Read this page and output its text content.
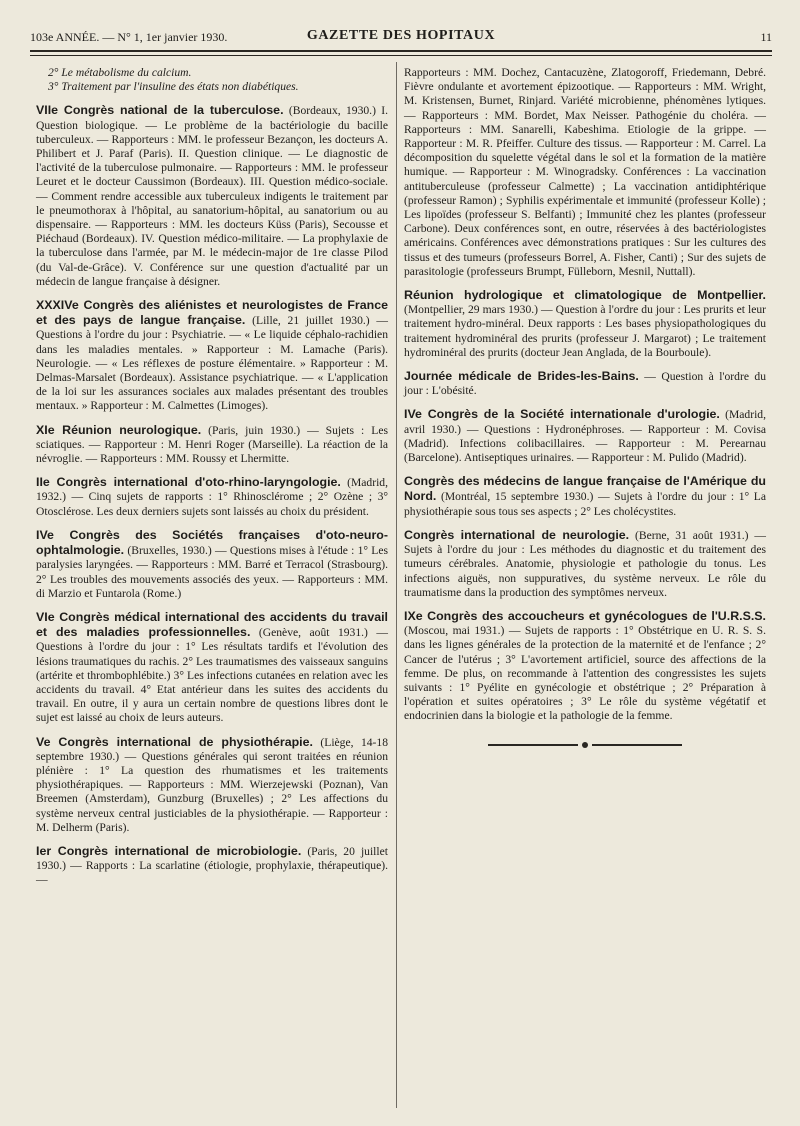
103e ANNÉE. — N° 1, 1er janvier 1930.	GAZETTE DES HOPITAUX	11

2° Le métabolisme du calcium.

3° Traitement par l'insuline des états non diabétiques.

VIIe Congrès national de la tuberculose. (Bordeaux, 1930.) I. Question biologique. — Le problème de la bactériologie du bacille tuberculeux. — Rapporteurs : MM. le professeur Bezançon, les docteurs A. Philibert et J. Paraf (Paris). II. Question clinique. — Le diagnostic de l'activité de la tuberculose pulmonaire. — Rapporteurs : MM. le professeur Leuret et le docteur Caussimon (Bordeaux). III. Question médico-sociale. — Comment rendre accessible aux tuberculeux indigents le traitement par le pneumothorax à l'hôpital, au sanatorium-hôpital, au sanatorium ou au dispensaire. — Rapporteurs : MM. les docteurs Küss (Paris), Secousse et Piéchaud (Bordeaux). IV. Question médico-militaire. — La prophylaxie de la tuberculose dans l'armée, par M. le médecin-major de 1re classe Pilod (du Val-de-Grâce). V. Conférence sur une question d'actualité par un médecin de langue française à désigner.

XXXIVe Congrès des aliénistes et neurologistes de France et des pays de langue française. (Lille, 21 juillet 1930.) — Questions à l'ordre du jour : Psychiatrie. — « Le liquide céphalo-rachidien dans les maladies mentales. » Rapporteur : M. Lamache (Paris). Neurologie. — « Les réflexes de posture élémentaire. » Rapporteur : M. Delmas-Marsalet (Bordeaux). Assistance psychiatrique. — « L'application de la loi sur les assurances sociales aux malades présentant des troubles mentaux. » Rapporteur : M. Calmettes (Limoges).

XIe Réunion neurologique. (Paris, juin 1930.) — Sujets : Les sciatiques. — Rapporteur : M. Henri Roger (Marseille). La réaction de la névroglie. — Rapporteurs : MM. Roussy et Lhermitte.

IIe Congrès international d'oto-rhino-laryngologie. (Madrid, 1932.) — Cinq sujets de rapports : 1° Rhinosclérome ; 2° Ozène ; 3° Otosclérose. Les deux derniers sujets sont laissés au choix du président.

IVe Congrès des Sociétés françaises d'oto-neuro-ophtalmologie. (Bruxelles, 1930.) — Questions mises à l'étude : 1° Les paralysies laryngées. — Rapporteurs : MM. Barré et Terracol (Strasbourg). 2° Les troubles des mouvements associés des yeux. — Rapporteurs : MM. di Marzio et Funtarola (Rome.)

VIe Congrès médical international des accidents du travail et des maladies professionnelles. (Genève, août 1931.) — Questions à l'ordre du jour : 1° Les résultats tardifs et l'évolution des lésions traumatiques du rachis. 2° Les traumatismes des vaisseaux sanguins (artérite et thrombophlébite.) 3° Les infections cutanées en relation avec les accidents du travail. 4° Etat antérieur dans les suites des accidents du travail. En outre, il y aura un certain nombre de questions libres dont le sujet est laissé au choix de leurs auteurs.

Ve Congrès international de physiothérapie. (Liège, 14-18 septembre 1930.) — Questions générales qui seront traitées en réunion plénière : 1° La question des rhumatismes et les traitements physiothérapiques. — Rapporteurs : MM. Wierzejewski (Poznan), Van Breemen (Amsterdam), Gunzburg (Bruxelles) ; 2° Les affections du système nerveux central justiciables de la physiothérapie. — Rapporteur : M. Delherm (Paris).

Ier Congrès international de microbiologie. (Paris, 20 juillet 1930.) — Rapports : La scarlatine (étiologie, prophylaxie, thérapeutique). —

Rapporteurs : MM. Dochez, Cantacuzène, Zlatogoroff, Friedemann, Debré. Fièvre ondulante et avortement épizootique. — Rapporteurs : MM. Wright, M. Kristensen, Burnet, Rinjard. Variété microbienne, phénomènes lytiques. — Rapporteurs : MM. Bordet, Max Neisser. Pathogénie du choléra. — Rapporteurs : MM. Sanarelli, Kabeshima. Etiologie de la grippe. — Rapporteur : M. R. Pfeiffer. Culture des tissus. — Rapporteur : M. Carrel. La décomposition du squelette végétal dans le sol et la formation de la matière humique. — Rapporteur : M. Winogradsky. Conférences : La vaccination antituberculeuse (professeur Calmette) ; La vaccination antidiphtérique (professeur Ramon) ; Syphilis expérimentale et immunité (professeur Kolle) ; Les lipoïdes (professeur S. Belfanti) ; Immunité chez les plantes (professeur Carbone). Deux conférences sont, en outre, réservées à des bactériologistes américains. Conférences avec démonstrations pratiques : Sur les cultures des tissus et des tumeurs (professeurs Borrel, A. Fisher, Canti) ; Sur des sujets de parasitologie (professeurs Brumpt, Fülleborn, Mesnil, Nuttall).

Réunion hydrologique et climatologique de Montpellier. (Montpellier, 29 mars 1930.) — Question à l'ordre du jour : Les prurits et leur traitement hydro-minéral. Deux rapports : Les bases physiopathologiques du traitement hydrominéral des prurits (professeur J. Margarot) ; Le traitement hydrominéral des prurits (docteur Jean Anglada, de la Bourboule).

Journée médicale de Brides-les-Bains. — Question à l'ordre du jour : L'obésité.

IVe Congrès de la Société internationale d'urologie. (Madrid, avril 1930.) — Questions : Hydronéphroses. — Rapporteur : M. Covisa (Madrid). Infections colibacillaires. — Rapporteur : M. Perearnau (Barcelone). Antiseptiques urinaires. — Rapporteur : M. Pulido (Madrid).

Congrès des médecins de langue française de l'Amérique du Nord. (Montréal, 15 septembre 1930.) — Sujets à l'ordre du jour : 1° La physiothérapie sous tous ses aspects ; 2° Les cholécystites.

Congrès international de neurologie. (Berne, 31 août 1931.) — Sujets à l'ordre du jour : Les méthodes du diagnostic et du traitement des tumeurs cérébrales. Anatomie, physiologie et pathologie du tonus. Les infections aiguës, non suppuratives, du système nerveux. Le rôle du traumatisme dans la production des symptômes nerveux.

IXe Congrès des accoucheurs et gynécologues de l'U.R.S.S. (Moscou, mai 1931.) — Sujets de rapports : 1° Obstétrique en U. R. S. S. dans les lignes générales de la protection de la maternité et de l'enfance ; 2° Cancer de l'utérus ; 3° L'avortement artificiel, source des affections de la femme. De plus, on recommande à l'attention des congressistes les sujets suivants : 1° Pyélite en gynécologie et obstétrique ; 2° Préparation à l'opération et suites opératoires ; 3° Le rôle du système végétatif et endocrinien dans la biologie et la pathologie de la femme.
